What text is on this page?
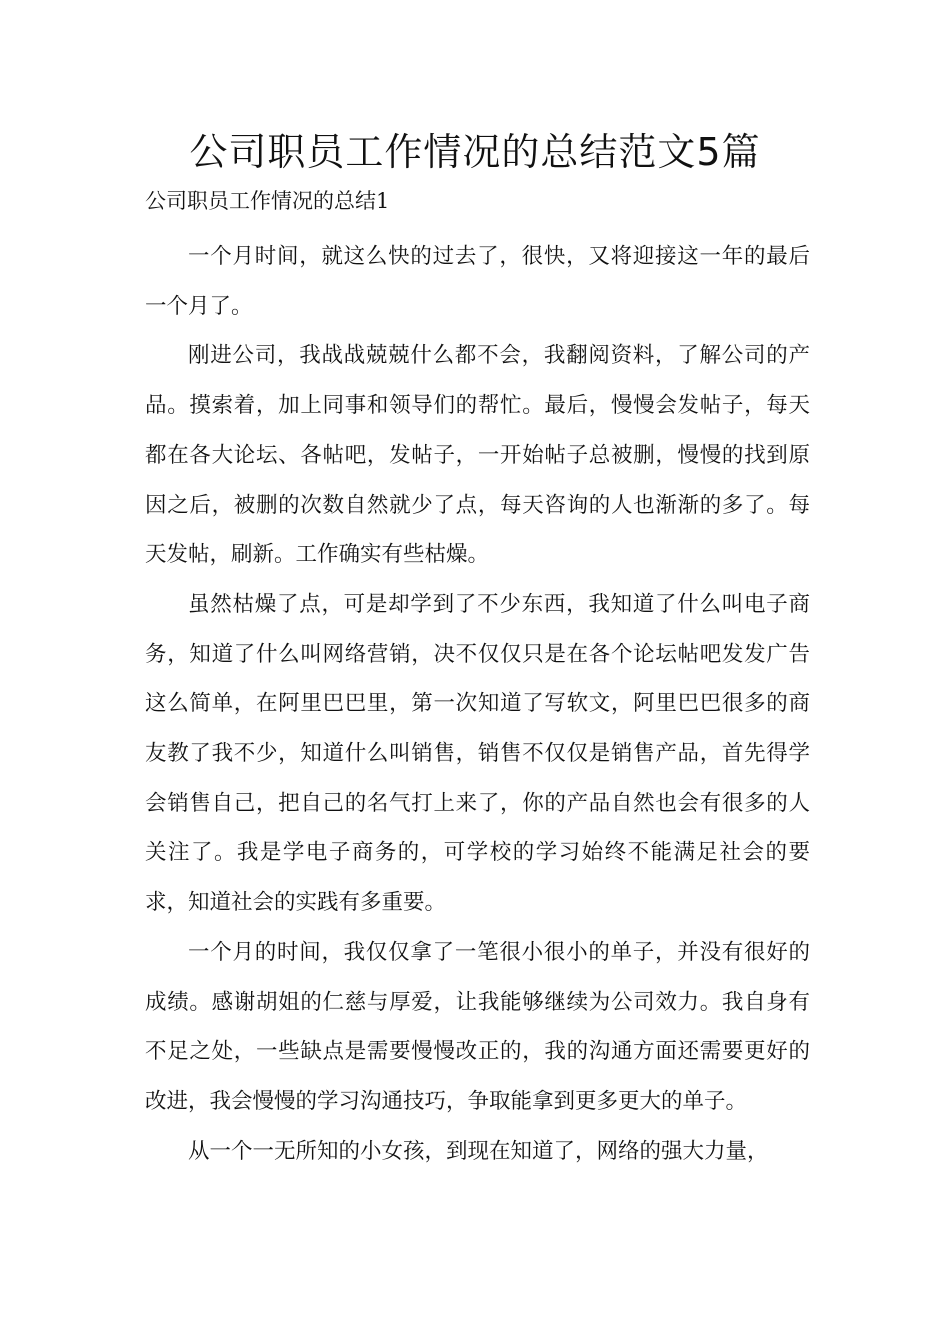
公司职员工作情况的总结范文5篇
公司职员工作情况的总结1

一个月时间，就这么快的过去了，很快，又将迎接这一年的最后一个月了。

刚进公司，我战战兢兢什么都不会，我翻阅资料，了解公司的产品。摸索着，加上同事和领导们的帮忙。最后，慢慢会发帖子，每天都在各大论坛、各帖吧，发帖子，一开始帖子总被删，慢慢的找到原因之后，被删的次数自然就少了点，每天咨询的人也渐渐的多了。每天发帖，刷新。工作确实有些枯燥。

虽然枯燥了点，可是却学到了不少东西，我知道了什么叫电子商务，知道了什么叫网络营销，决不仅仅只是在各个论坛帖吧发发广告这么简单，在阿里巴巴里，第一次知道了写软文，阿里巴巴很多的商友教了我不少，知道什么叫销售，销售不仅仅是销售产品，首先得学会销售自己，把自己的名气打上来了，你的产品自然也会有很多的人关注了。我是学电子商务的，可学校的学习始终不能满足社会的要求，知道社会的实践有多重要。

一个月的时间，我仅仅拿了一笔很小很小的单子，并没有很好的成绩。感谢胡姐的仁慈与厚爱，让我能够继续为公司效力。我自身有不足之处，一些缺点是需要慢慢改正的，我的沟通方面还需要更好的改进，我会慢慢的学习沟通技巧，争取能拿到更多更大的单子。

从一个一无所知的小女孩，到现在知道了，网络的强大力量，
